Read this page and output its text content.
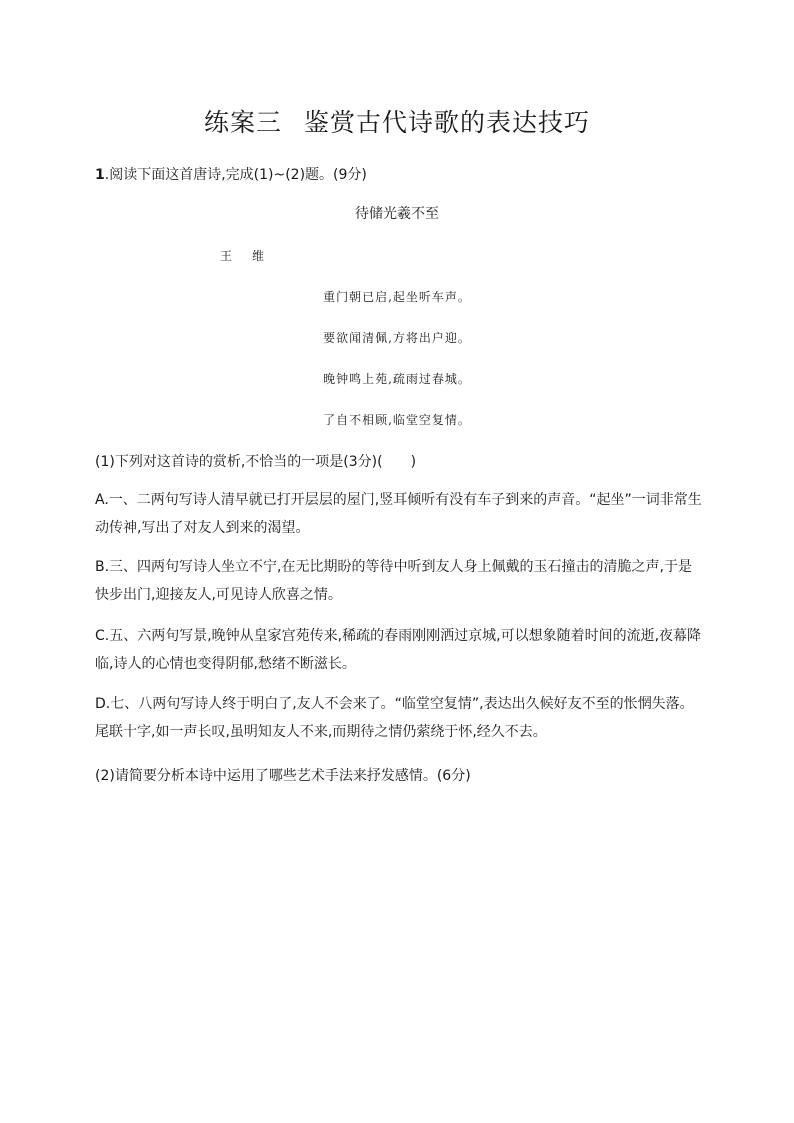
练案三 鉴赏古代诗歌的表达技巧
1.阅读下面这首唐诗,完成(1)~(2)题。(9分)
待储光羲不至
王维
重门朝已启,起坐听车声。
要欲闻清佩,方将出户迎。
晚钟鸣上苑,疏雨过春城。
了自不相顾,临堂空复情。
(1)下列对这首诗的赏析,不恰当的一项是(3分)(　　)
A.一、二两句写诗人清早就已打开层层的屋门,竖耳倾听有没有车子到来的声音。“起坐”一词非常生动传神,写出了对友人到来的渴望。
B.三、四两句写诗人坐立不宁,在无比期盼的等待中听到友人身上佩戴的玉石撞击的清脆之声,于是快步出门,迎接友人,可见诗人欣喜之情。
C.五、六两句写景,晚钟从皇家宫苑传来,稀疏的春雨刚刚洒过京城,可以想象随着时间的流逝,夜幕降临,诗人的心情也变得阴郁,愁绪不断滋长。
D.七、八两句写诗人终于明白了,友人不会来了。“临堂空复情”,表达出久候好友不至的怅惘失落。尾联十字,如一声长叹,虽明知友人不来,而期待之情仍萦绕于怀,经久不去。
(2)请简要分析本诗中运用了哪些艺术手法来抒发感情。(6分)
